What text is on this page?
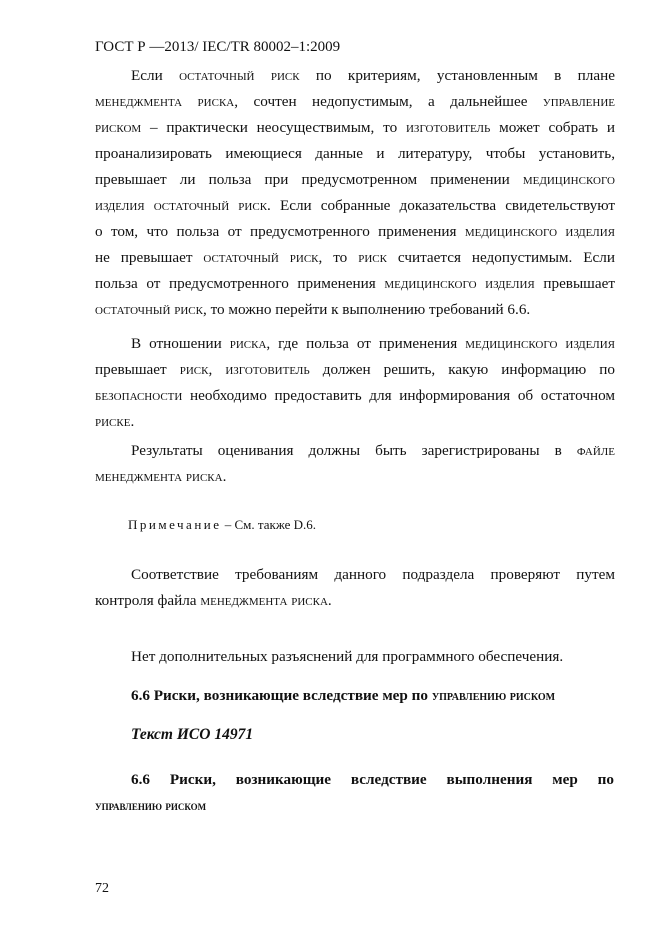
ГОСТ Р —2013/ IEC/TR 80002–1:2009

Если остаточный риск по критериям, установленным в плане

менеджмента риска, сочтен недопустимым, а дальнейшее управление

риском – практически неосуществимым, то изготовитель может собрать и

проанализировать имеющиеся данные и литературу, чтобы установить,

превышает ли польза при предусмотренном применении медицинского

изделия остаточный риск. Если собранные доказательства свидетельствуют

о том, что польза от предусмотренного применения медицинского изделия

не превышает остаточный риск, то риск считается недопустимым. Если

польза от предусмотренного применения медицинского изделия превышает

остаточный риск, то можно перейти к выполнению требований 6.6.

В отношении риска, где польза от применения медицинского изделия

превышает риск, изготовитель должен решить, какую информацию по

безопасности необходимо предоставить для информирования об остаточном

риске.

Результаты оценивания должны быть зарегистрированы в файле

менеджмента риска.

Примечание – См. также D.6.

Соответствие требованиям данного подраздела проверяют путем

контроля файла менеджмента риска.

Нет дополнительных разъяснений для программного обеспечения.
6.6 Риски, возникающие вследствие мер по управлению риском
Текст ИСО 14971
6.6 Риски, возникающие вследствие выполнения мер по
управлению риском
72
